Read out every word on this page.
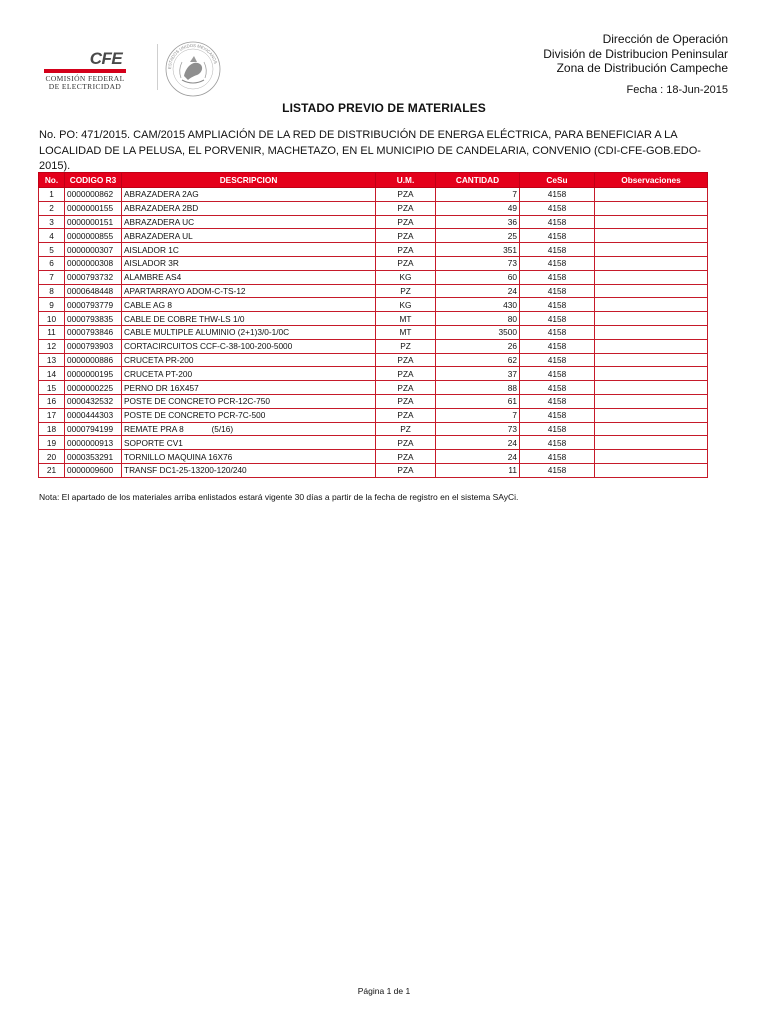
CFE
COMISIÓN FEDERAL
DE ELECTRICIDAD
ESTADOS UNIDOS MEXICANOS
Dirección de Operación
División de Distribucion Peninsular
Zona de Distribución Campeche
Fecha : 18-Jun-2015
LISTADO PREVIO DE MATERIALES
No. PO: 471/2015. CAM/2015 AMPLIACIÓN DE LA RED DE DISTRIBUCIÓN DE ENERGA ELÉCTRICA, PARA BENEFICIAR A LA LOCALIDAD DE LA PELUSA, EL PORVENIR, MACHETAZO, EN EL MUNICIPIO DE CANDELARIA, CONVENIO (CDI-CFE-GOB.EDO-2015).
No.	CODIGO R3	DESCRIPCION	U.M.	CANTIDAD	CeSu	Observaciones
1	0000000862	ABRAZADERA 2AG	PZA	7	4158	
2	0000000155	ABRAZADERA 2BD	PZA	49	4158	
3	0000000151	ABRAZADERA UC	PZA	36	4158	
4	0000000855	ABRAZADERA UL	PZA	25	4158	
5	0000000307	AISLADOR 1C	PZA	351	4158	
6	0000000308	AISLADOR 3R	PZA	73	4158	
7	0000793732	ALAMBRE AS4	KG	60	4158	
8	0000648448	APARTARRAYO ADOM-C-TS-12	PZ	24	4158	
9	0000793779	CABLE AG 8	KG	430	4158	
10	0000793835	CABLE DE COBRE THW-LS 1/0	MT	80	4158	
11	0000793846	CABLE MULTIPLE ALUMINIO (2+1)3/0-1/0C	MT	3500	4158	
12	0000793903	CORTACIRCUITOS CCF-C-38-100-200-5000	PZ	26	4158	
13	0000000886	CRUCETA PR-200	PZA	62	4158	
14	0000000195	CRUCETA PT-200	PZA	37	4158	
15	0000000225	PERNO DR 16X457	PZA	88	4158	
16	0000432532	POSTE DE CONCRETO PCR-12C-750	PZA	61	4158	
17	0000444303	POSTE DE CONCRETO PCR-7C-500	PZA	7	4158	
18	0000794199	REMATE PRA 8            (5/16)	PZ	73	4158	
19	0000000913	SOPORTE CV1	PZA	24	4158	
20	0000353291	TORNILLO MAQUINA 16X76	PZA	24	4158	
21	0000009600	TRANSF DC1-25-13200-120/240	PZA	11	4158	
Nota: El apartado de los materiales arriba enlistados estará vigente 30 días a partir de la fecha de registro en el sistema SAyCi.
Página 1 de 1
